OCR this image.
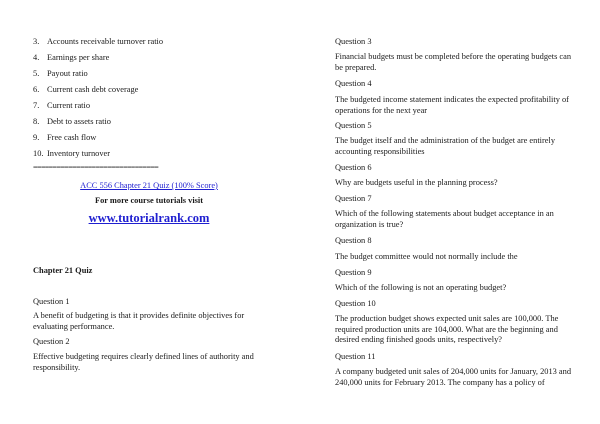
3. Accounts receivable turnover ratio
4. Earnings per share
5. Payout ratio
6. Current cash debt coverage
7. Current ratio
8. Debt to assets ratio
9. Free cash flow
10. Inventory turnover
================================
ACC 556 Chapter 21 Quiz (100% Score)
For more course tutorials visit
www.tutorialrank.com
Chapter 21 Quiz
Question 1
A benefit of budgeting is that it provides definite objectives for evaluating performance.
Question 2
Effective budgeting requires clearly defined lines of authority and responsibility.
Question 3
Financial budgets must be completed before the operating budgets can be prepared.
Question 4
The budgeted income statement indicates the expected profitability of operations for the next year
Question 5
The budget itself and the administration of the budget are entirely accounting responsibilities
Question 6
Why are budgets useful in the planning process?
Question 7
Which of the following statements about budget acceptance in an organization is true?
Question 8
The budget committee would not normally include the
Question 9
Which of the following is not an operating budget?
Question 10
The production budget shows expected unit sales are 100,000. The required production units are 104,000. What are the beginning and desired ending finished goods units, respectively?
Question 11
A company budgeted unit sales of 204,000 units for January, 2013 and 240,000 units for February 2013. The company has a policy of
